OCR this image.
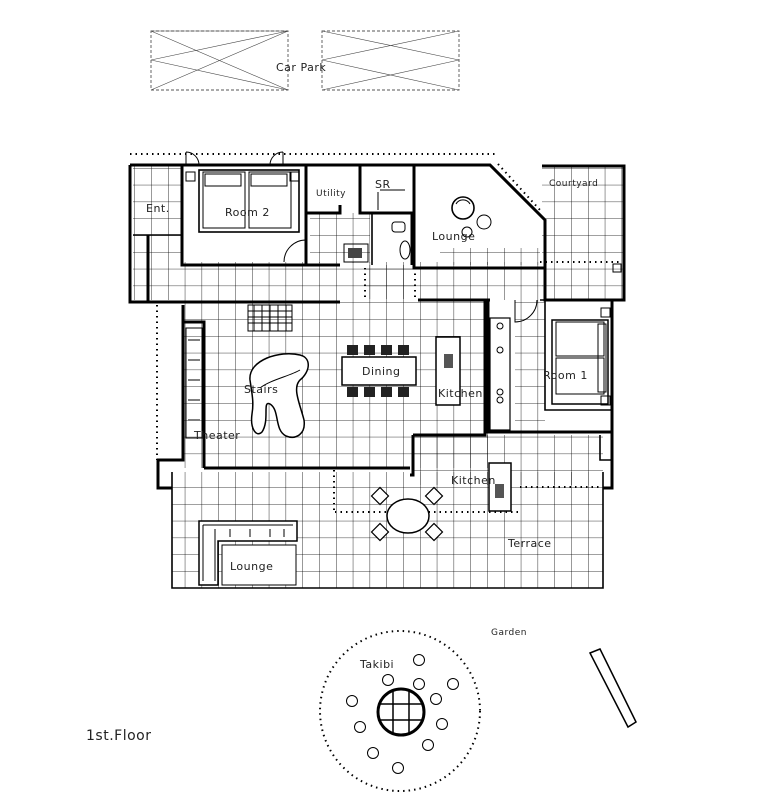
Car Park
Ent.	Room 2
Utility
SR
Lounge
Courtyard
Dining
Kitchen
Room 1
Stairs
Theater
Kitchen
Terrace
Lounge
Garden
Takibi
1st.Floor
